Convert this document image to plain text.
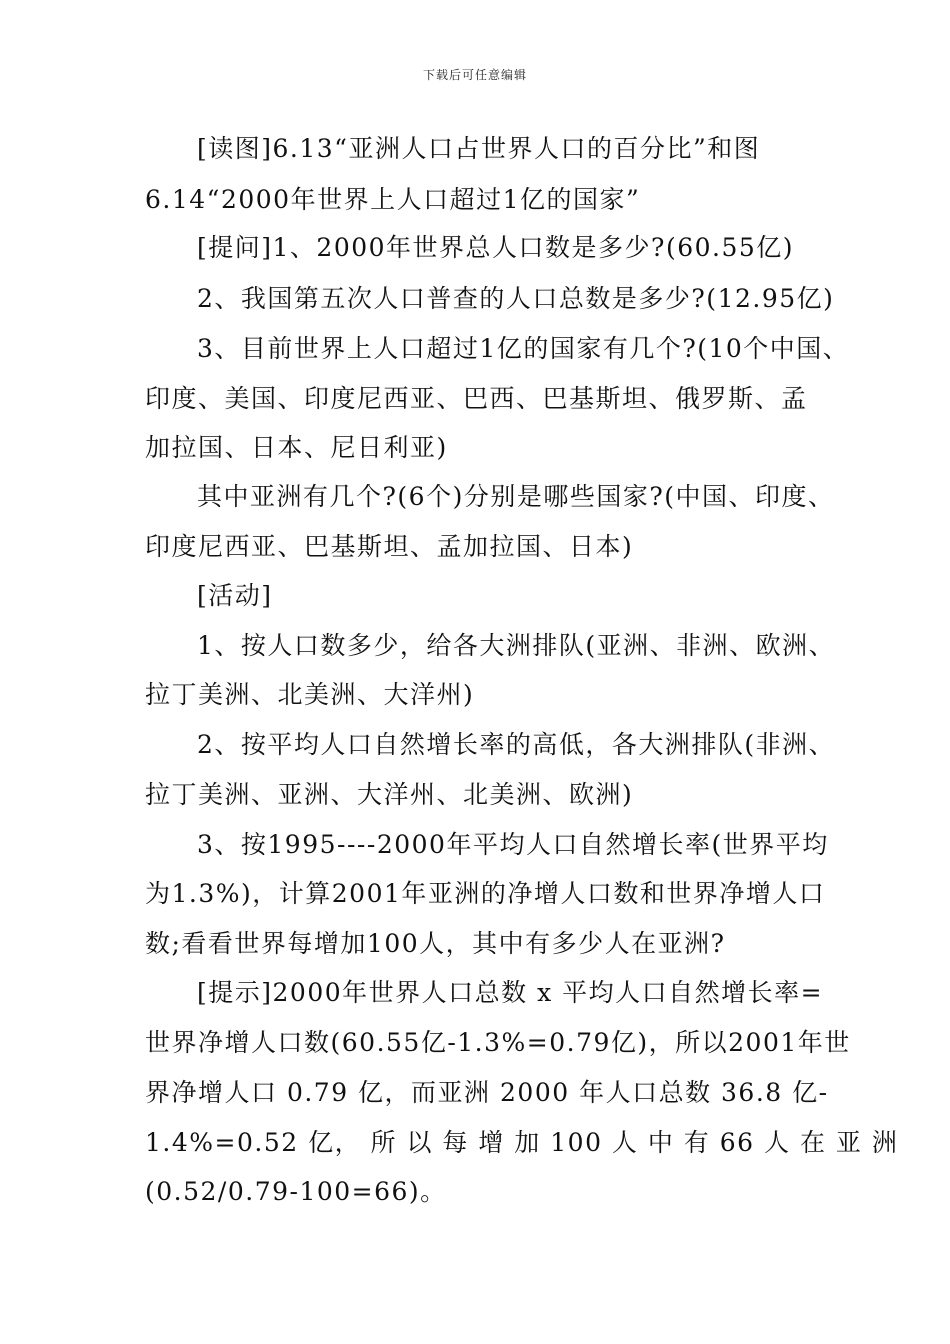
下载后可任意编辑
[读图]6.13“亚洲人口占世界人口的百分比”和图
6.14“2000年世界上人口超过1亿的国家”
[提问]1、2000年世界总人口数是多少?(60.55亿)
2、我国第五次人口普查的人口总数是多少?(12.95亿)
3、目前世界上人口超过1亿的国家有几个?(10个中国、
印度、美国、印度尼西亚、巴西、巴基斯坦、俄罗斯、孟
加拉国、日本、尼日利亚)
其中亚洲有几个?(6个)分别是哪些国家?(中国、印度、
印度尼西亚、巴基斯坦、孟加拉国、日本)
[活动]
1、按人口数多少，给各大洲排队(亚洲、非洲、欧洲、
拉丁美洲、北美洲、大洋州)
2、按平均人口自然增长率的高低，各大洲排队(非洲、
拉丁美洲、亚洲、大洋州、北美洲、欧洲)
3、按1995----2000年平均人口自然增长率(世界平均
为1.3%)，计算2001年亚洲的净增人口数和世界净增人口
数;看看世界每增加100人，其中有多少人在亚洲?
[提示]2000年世界人口总数 x 平均人口自然增长率=
世界净增人口数(60.55亿-1.3%=0.79亿)，所以2001年世
界净增人口 0.79 亿，而亚洲 2000 年人口总数 36.8 亿-
1.4%=0.52 亿， 所 以 每 增 加 100 人 中 有 66 人 在 亚 洲
(0.52/0.79-100=66)。
